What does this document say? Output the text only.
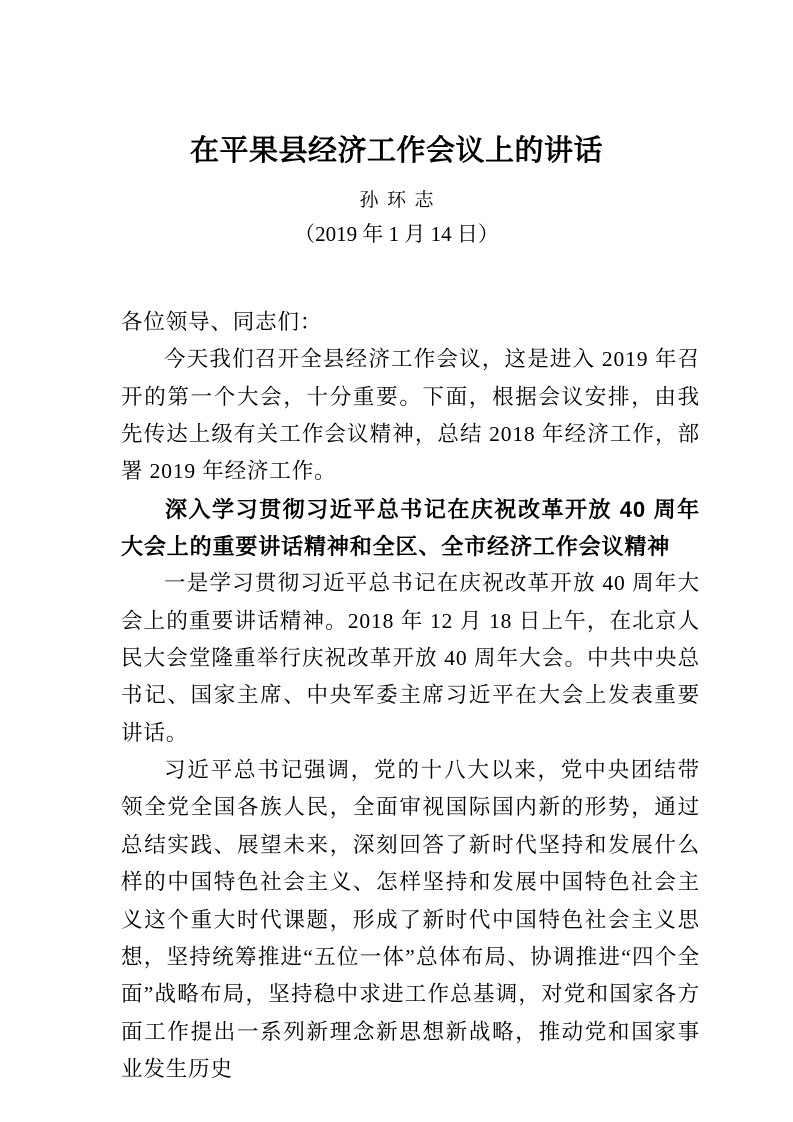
在平果县经济工作会议上的讲话
孙环志
（2019 年 1 月 14 日）

各位领导、同志们：

今天我们召开全县经济工作会议，这是进入 2019 年召开的第一个大会，十分重要。下面，根据会议安排，由我先传达上级有关工作会议精神，总结 2018 年经济工作，部署 2019 年经济工作。

深入学习贯彻习近平总书记在庆祝改革开放 40 周年大会上的重要讲话精神和全区、全市经济工作会议精神

一是学习贯彻习近平总书记在庆祝改革开放 40 周年大会上的重要讲话精神。2018 年 12 月 18 日上午，在北京人民大会堂隆重举行庆祝改革开放 40 周年大会。中共中央总书记、国家主席、中央军委主席习近平在大会上发表重要讲话。

习近平总书记强调，党的十八大以来，党中央团结带领全党全国各族人民，全面审视国际国内新的形势，通过总结实践、展望未来，深刻回答了新时代坚持和发展什么样的中国特色社会主义、怎样坚持和发展中国特色社会主义这个重大时代课题，形成了新时代中国特色社会主义思想，坚持统筹推进“五位一体”总体布局、协调推进“四个全面”战略布局，坚持稳中求进工作总基调，对党和国家各方面工作提出一系列新理念新思想新战略，推动党和国家事业发生历史
